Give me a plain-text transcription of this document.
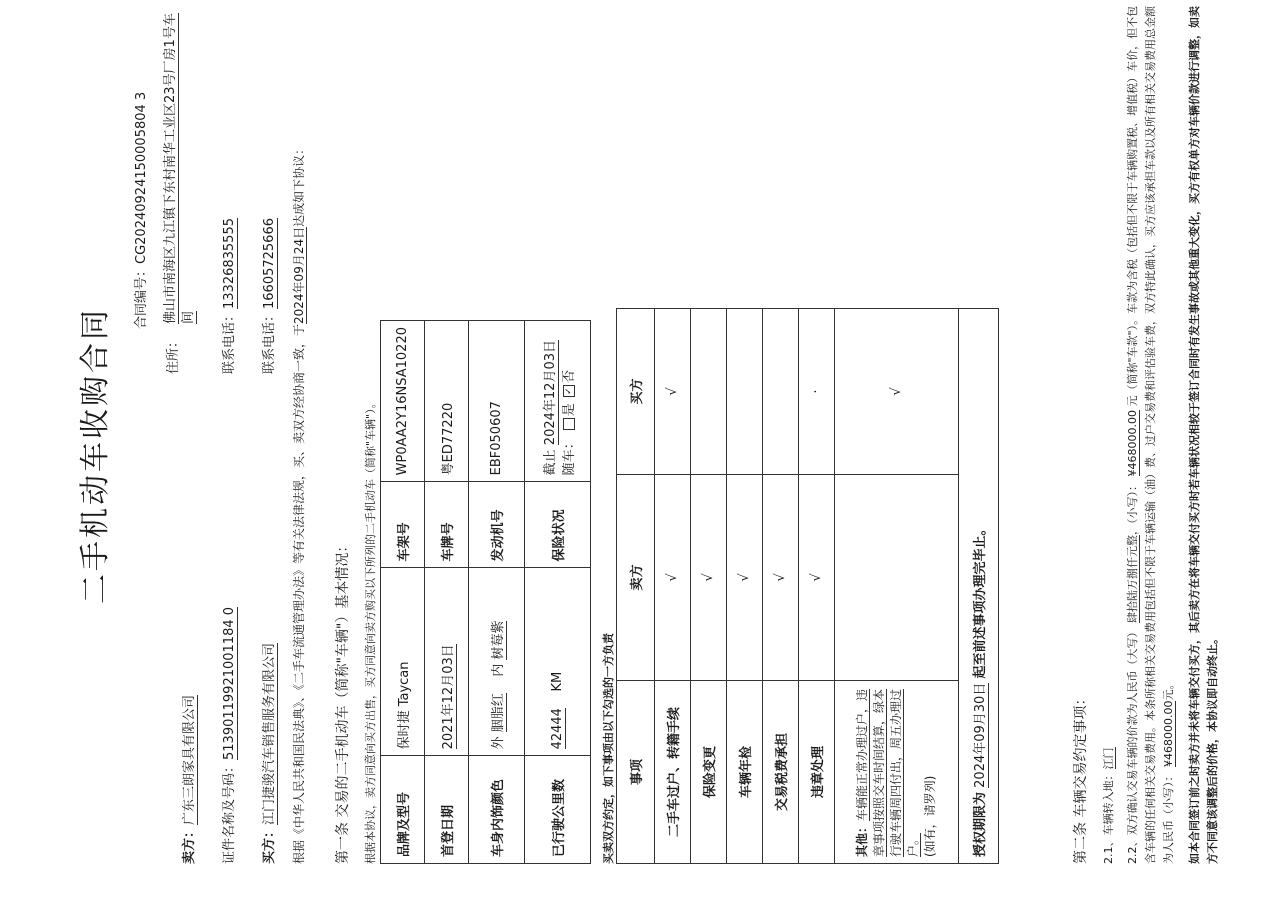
二手机动车收购合同
合同编号：CG20240924150005804 3
卖方：广东三朗家具有限公司
住所：
佛山市南海区九江镇下东村南华工业区23号厂房1号车间
证件名称及号码：51390119921001184 0
联系电话：13326835555
买方：江门捷骏汽车销售服务有限公司
联系电话：16605725666
根据《中华人民共和国民法典》、《二手车流通管理办法》等有关法律法规，买、卖双方经协商一致，于2024年09月24日达成如下协议：
第一条 交易的二手机动车（简称"车辆"）基本情况： 根据本协议，卖方同意向买方出售，买方同意向卖方购买以下所列的二手机动车（简称"车辆"）。 品牌及型号	保时捷 Taycan	车架号	WP0AA2Y16NSA10220
首登日期	2021年12月03日	车牌号	粤ED77220
车身内饰颜色	外 胭脂红    内 树莓紫	发动机号	EBF050607
已行驶公里数	42444    KM	保险状况	截止 2024年12月03日
随车： 是 ✓否
买卖双方约定，如下事项由以下勾选的一方负责 事项	卖方	买方
二手车过户、转籍手续	√	√
保险变更	√	
车辆年检	√	
交易税费承担	√	
违章处理	√	·
其他：车辆能正常办理过户，违章事项按照交车时间结算，绿本行驶车辆周四付出，周五办理过户。 (如有，请罗列)		√
授权期限为 2024年09月30日 起至前述事项办理完毕止。		
第二条 车辆交易约定事项： 2.1、车辆转入地：江门
2.2、双方确认交易车辆的价款为人民币（大写） 肆拾陆万捌仟元整，（小写）： ¥468000.00 元（简称"车款"）。车款为含税（包括但不限于车辆购置税、增值税）车价，但不包含车辆的任何相关交易费用。本条所称相关交易费用包括但不限于车辆运输（油）费、过户交易费和评估验车费，双方特此确认，买方应该承担车款以及所有相关交易费用总金额为人民币（小写）： ¥468000.00元。 如本合同签订前之时卖方并未将车辆交付买方，其后卖方在将车辆交付买方时若车辆状况相较于签订合同时有发生事故或其他重大变化，买方有权单方对车辆价款进行调整，如卖方不同意该调整后的价格，本协议即自动终止。
